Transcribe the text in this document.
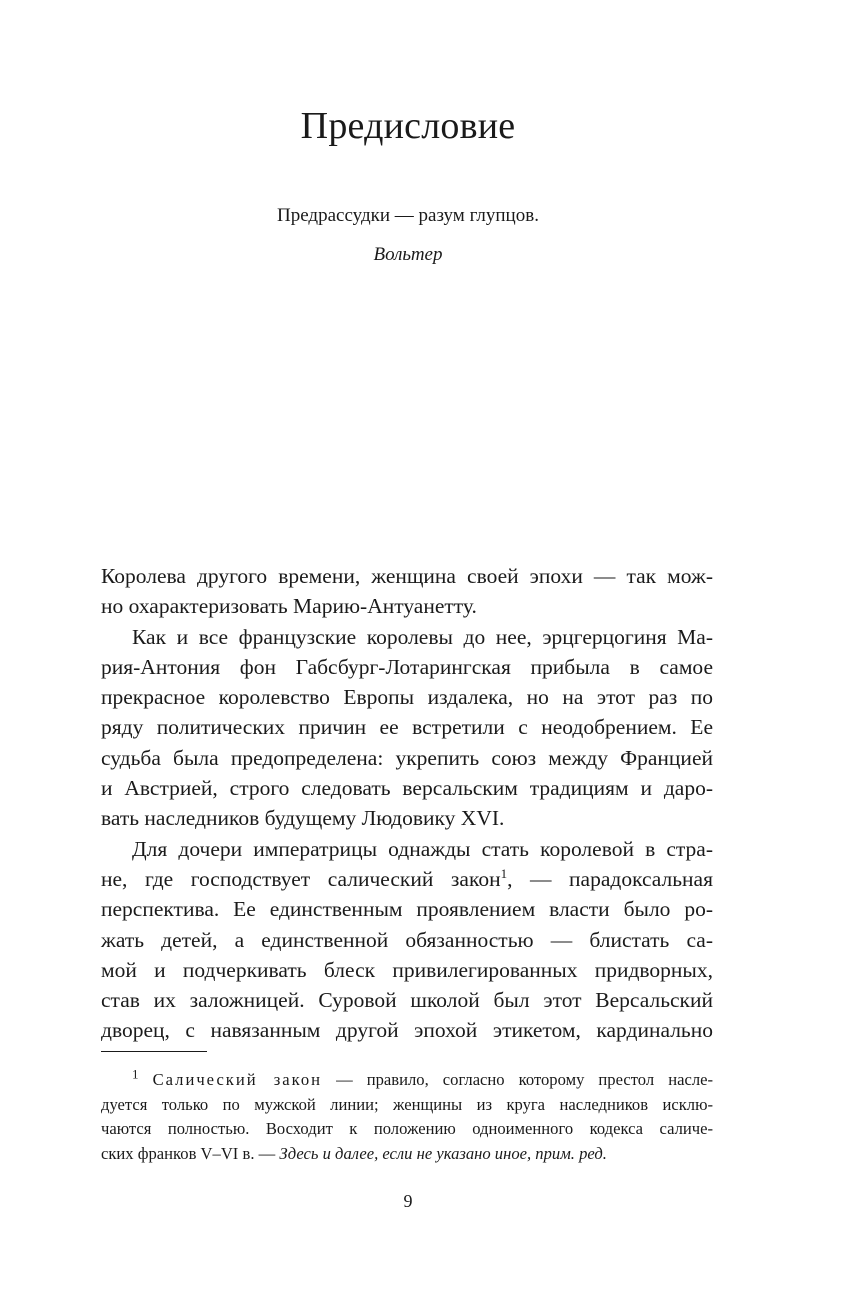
Предисловие
Предрассудки — разум глупцов.
Вольтер

Королева другого времени, женщина своей эпохи — так мож-
но охарактеризовать Марию-Антуанетту.

Как и все французские королевы до нее, эрцгерцогиня Ма-
рия-Антония фон Габсбург-Лотарингская прибыла в самое
прекрасное королевство Европы издалека, но на этот раз по
ряду политических причин ее встретили с неодобрением. Ее
судьба была предопределена: укрепить союз между Францией
и Австрией, строго следовать версальским традициям и даро-
вать наследников будущему Людовику XVI.

Для дочери императрицы однажды стать королевой в стра-
не, где господствует салический закон$^1$, — парадоксальная
перспектива. Ее единственным проявлением власти было ро-
жать детей, а единственной обязанностью — блистать са-
мой и подчеркивать блеск привилегированных придворных,
став их заложницей. Суровой школой был этот Версальский
дворец, с навязанным другой эпохой этикетом, кардинально

$^1$ Салический закон — правило, согласно которому престол насле-
дуется только по мужской линии; женщины из круга наследников исклю-
чаются полностью. Восходит к положению одноименного кодекса саличе-
ских франков V–VI в. — Здесь и далее, если не указано иное, прим. ред.
9
